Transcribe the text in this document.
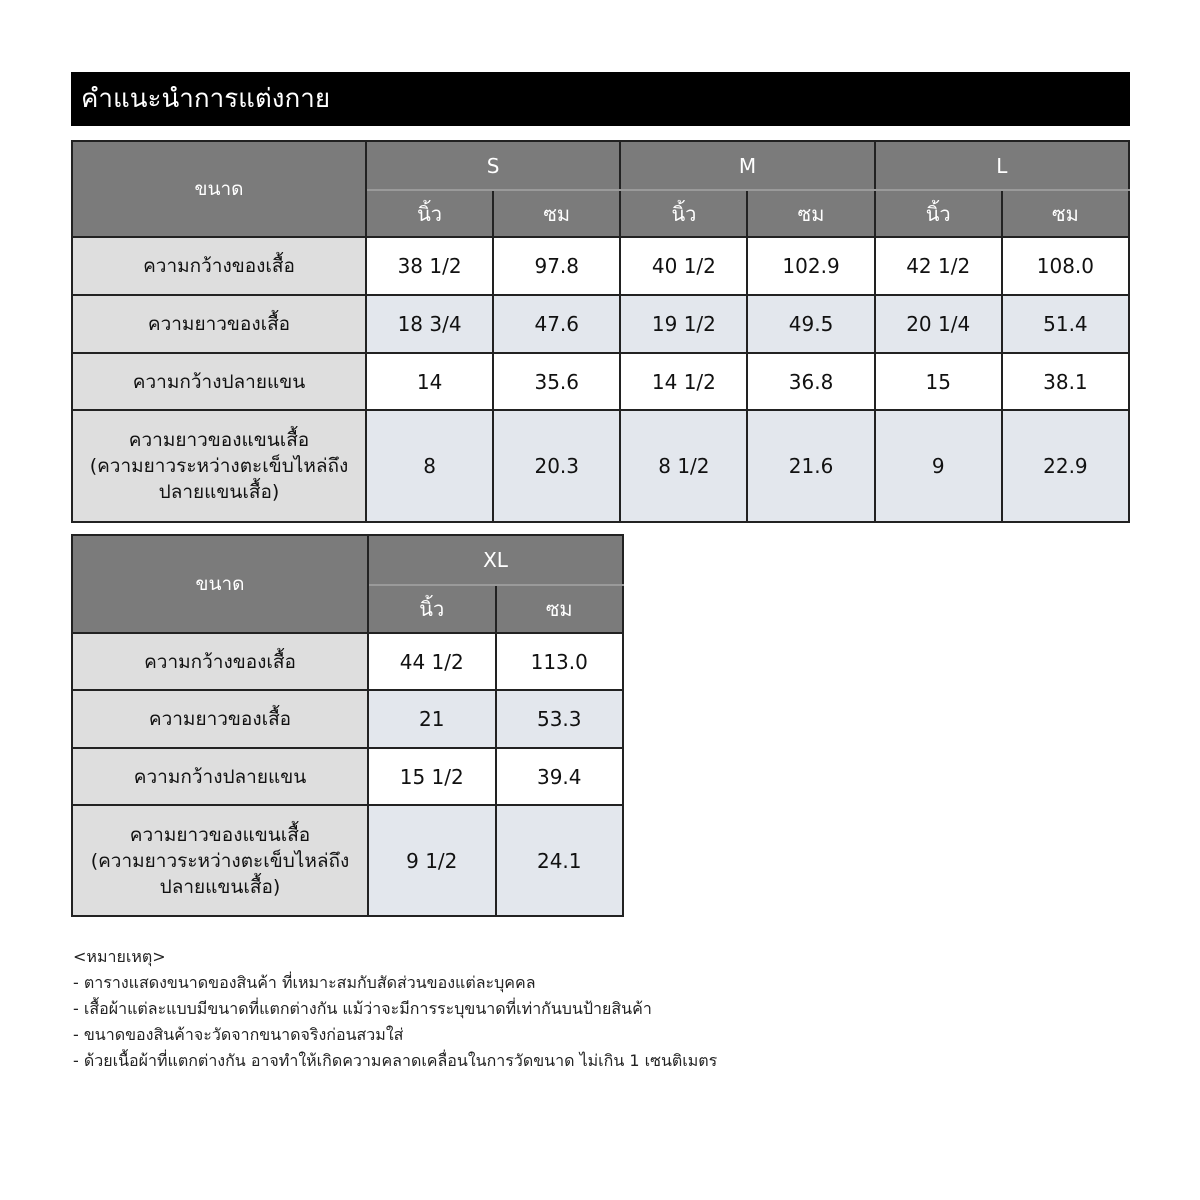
คำแนะนำการแต่งกาย
ขนาด	S		M		L	
	นิ้ว	ซม	นิ้ว	ซม	นิ้ว	ซม
ความกว้างของเสื้อ	38 1/2	97.8	40 1/2	102.9	42 1/2	108.0
ความยาวของเสื้อ	18 3/4	47.6	19 1/2	49.5	20 1/4	51.4
ความกว้างปลายแขน	14	35.6	14 1/2	36.8	15	38.1

ความยาวของแขนเสื้อ
(ความยาวระหว่างตะเข็บไหล่ถึง
ปลายแขนเสื้อ)	8	20.3	8 1/2	21.6	9	22.9
ขนาด	XL	
	นิ้ว	ซม
ความกว้างของเสื้อ	44 1/2	113.0
ความยาวของเสื้อ	21	53.3
ความกว้างปลายแขน	15 1/2	39.4

ความยาวของแขนเสื้อ
(ความยาวระหว่างตะเข็บไหล่ถึง
ปลายแขนเสื้อ)	9 1/2	24.1
<หมายเหตุ>
- ตารางแสดงขนาดของสินค้า ที่เหมาะสมกับสัดส่วนของแต่ละบุคคล
- เสื้อผ้าแต่ละแบบมีขนาดที่แตกต่างกัน แม้ว่าจะมีการระบุขนาดที่เท่ากันบนป้ายสินค้า
- ขนาดของสินค้าจะวัดจากขนาดจริงก่อนสวมใส่
- ด้วยเนื้อผ้าที่แตกต่างกัน อาจทำให้เกิดความคลาดเคลื่อนในการวัดขนาด ไม่เกิน 1 เซนติเมตร
